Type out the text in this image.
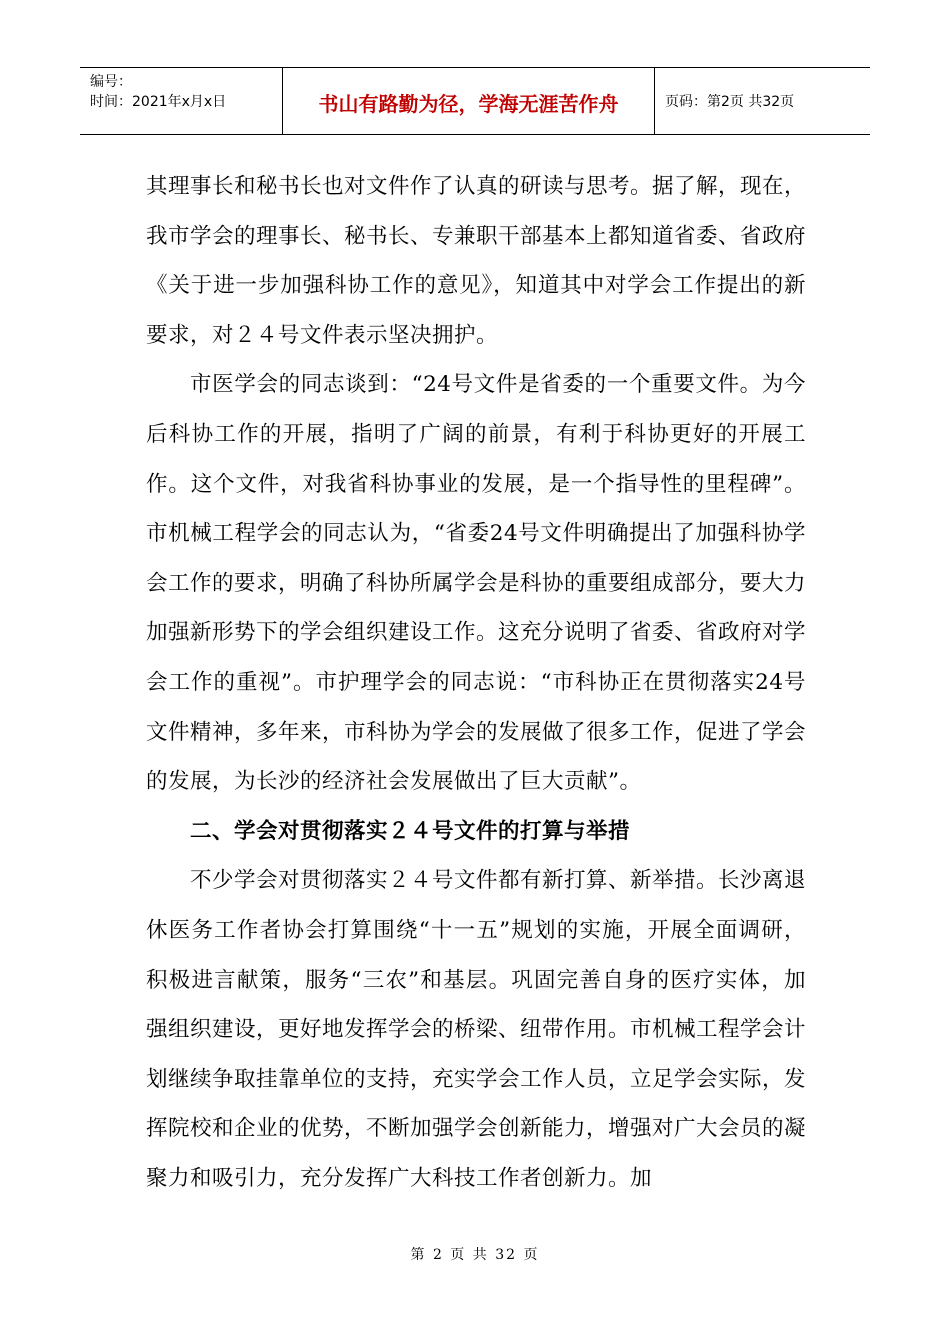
编号：
时间：2021年x月x日	书山有路勤为径，学海无涯苦作舟	页码：第2页 共32页

其理事长和秘书长也对文件作了认真的研读与思考。据了解，现在，我市学会的理事长、秘书长、专兼职干部基本上都知道省委、省政府《关于进一步加强科协工作的意见》，知道其中对学会工作提出的新要求，对２４号文件表示坚决拥护。

市医学会的同志谈到：“24号文件是省委的一个重要文件。为今后科协工作的开展，指明了广阔的前景，有利于科协更好的开展工作。这个文件，对我省科协事业的发展，是一个指导性的里程碑”。市机械工程学会的同志认为，“省委24号文件明确提出了加强科协学会工作的要求，明确了科协所属学会是科协的重要组成部分，要大力加强新形势下的学会组织建设工作。这充分说明了省委、省政府对学会工作的重视”。市护理学会的同志说：“市科协正在贯彻落实24号文件精神，多年来，市科协为学会的发展做了很多工作，促进了学会的发展，为长沙的经济社会发展做出了巨大贡献”。

二、学会对贯彻落实２４号文件的打算与举措

不少学会对贯彻落实２４号文件都有新打算、新举措。长沙离退休医务工作者协会打算围绕“十一五”规划的实施，开展全面调研，积极进言献策，服务“三农”和基层。巩固完善自身的医疗实体，加强组织建设，更好地发挥学会的桥梁、纽带作用。市机械工程学会计划继续争取挂靠单位的支持，充实学会工作人员，立足学会实际，发挥院校和企业的优势，不断加强学会创新能力，增强对广大会员的凝聚力和吸引力，充分发挥广大科技工作者创新力。加

第 2 页 共 32 页
